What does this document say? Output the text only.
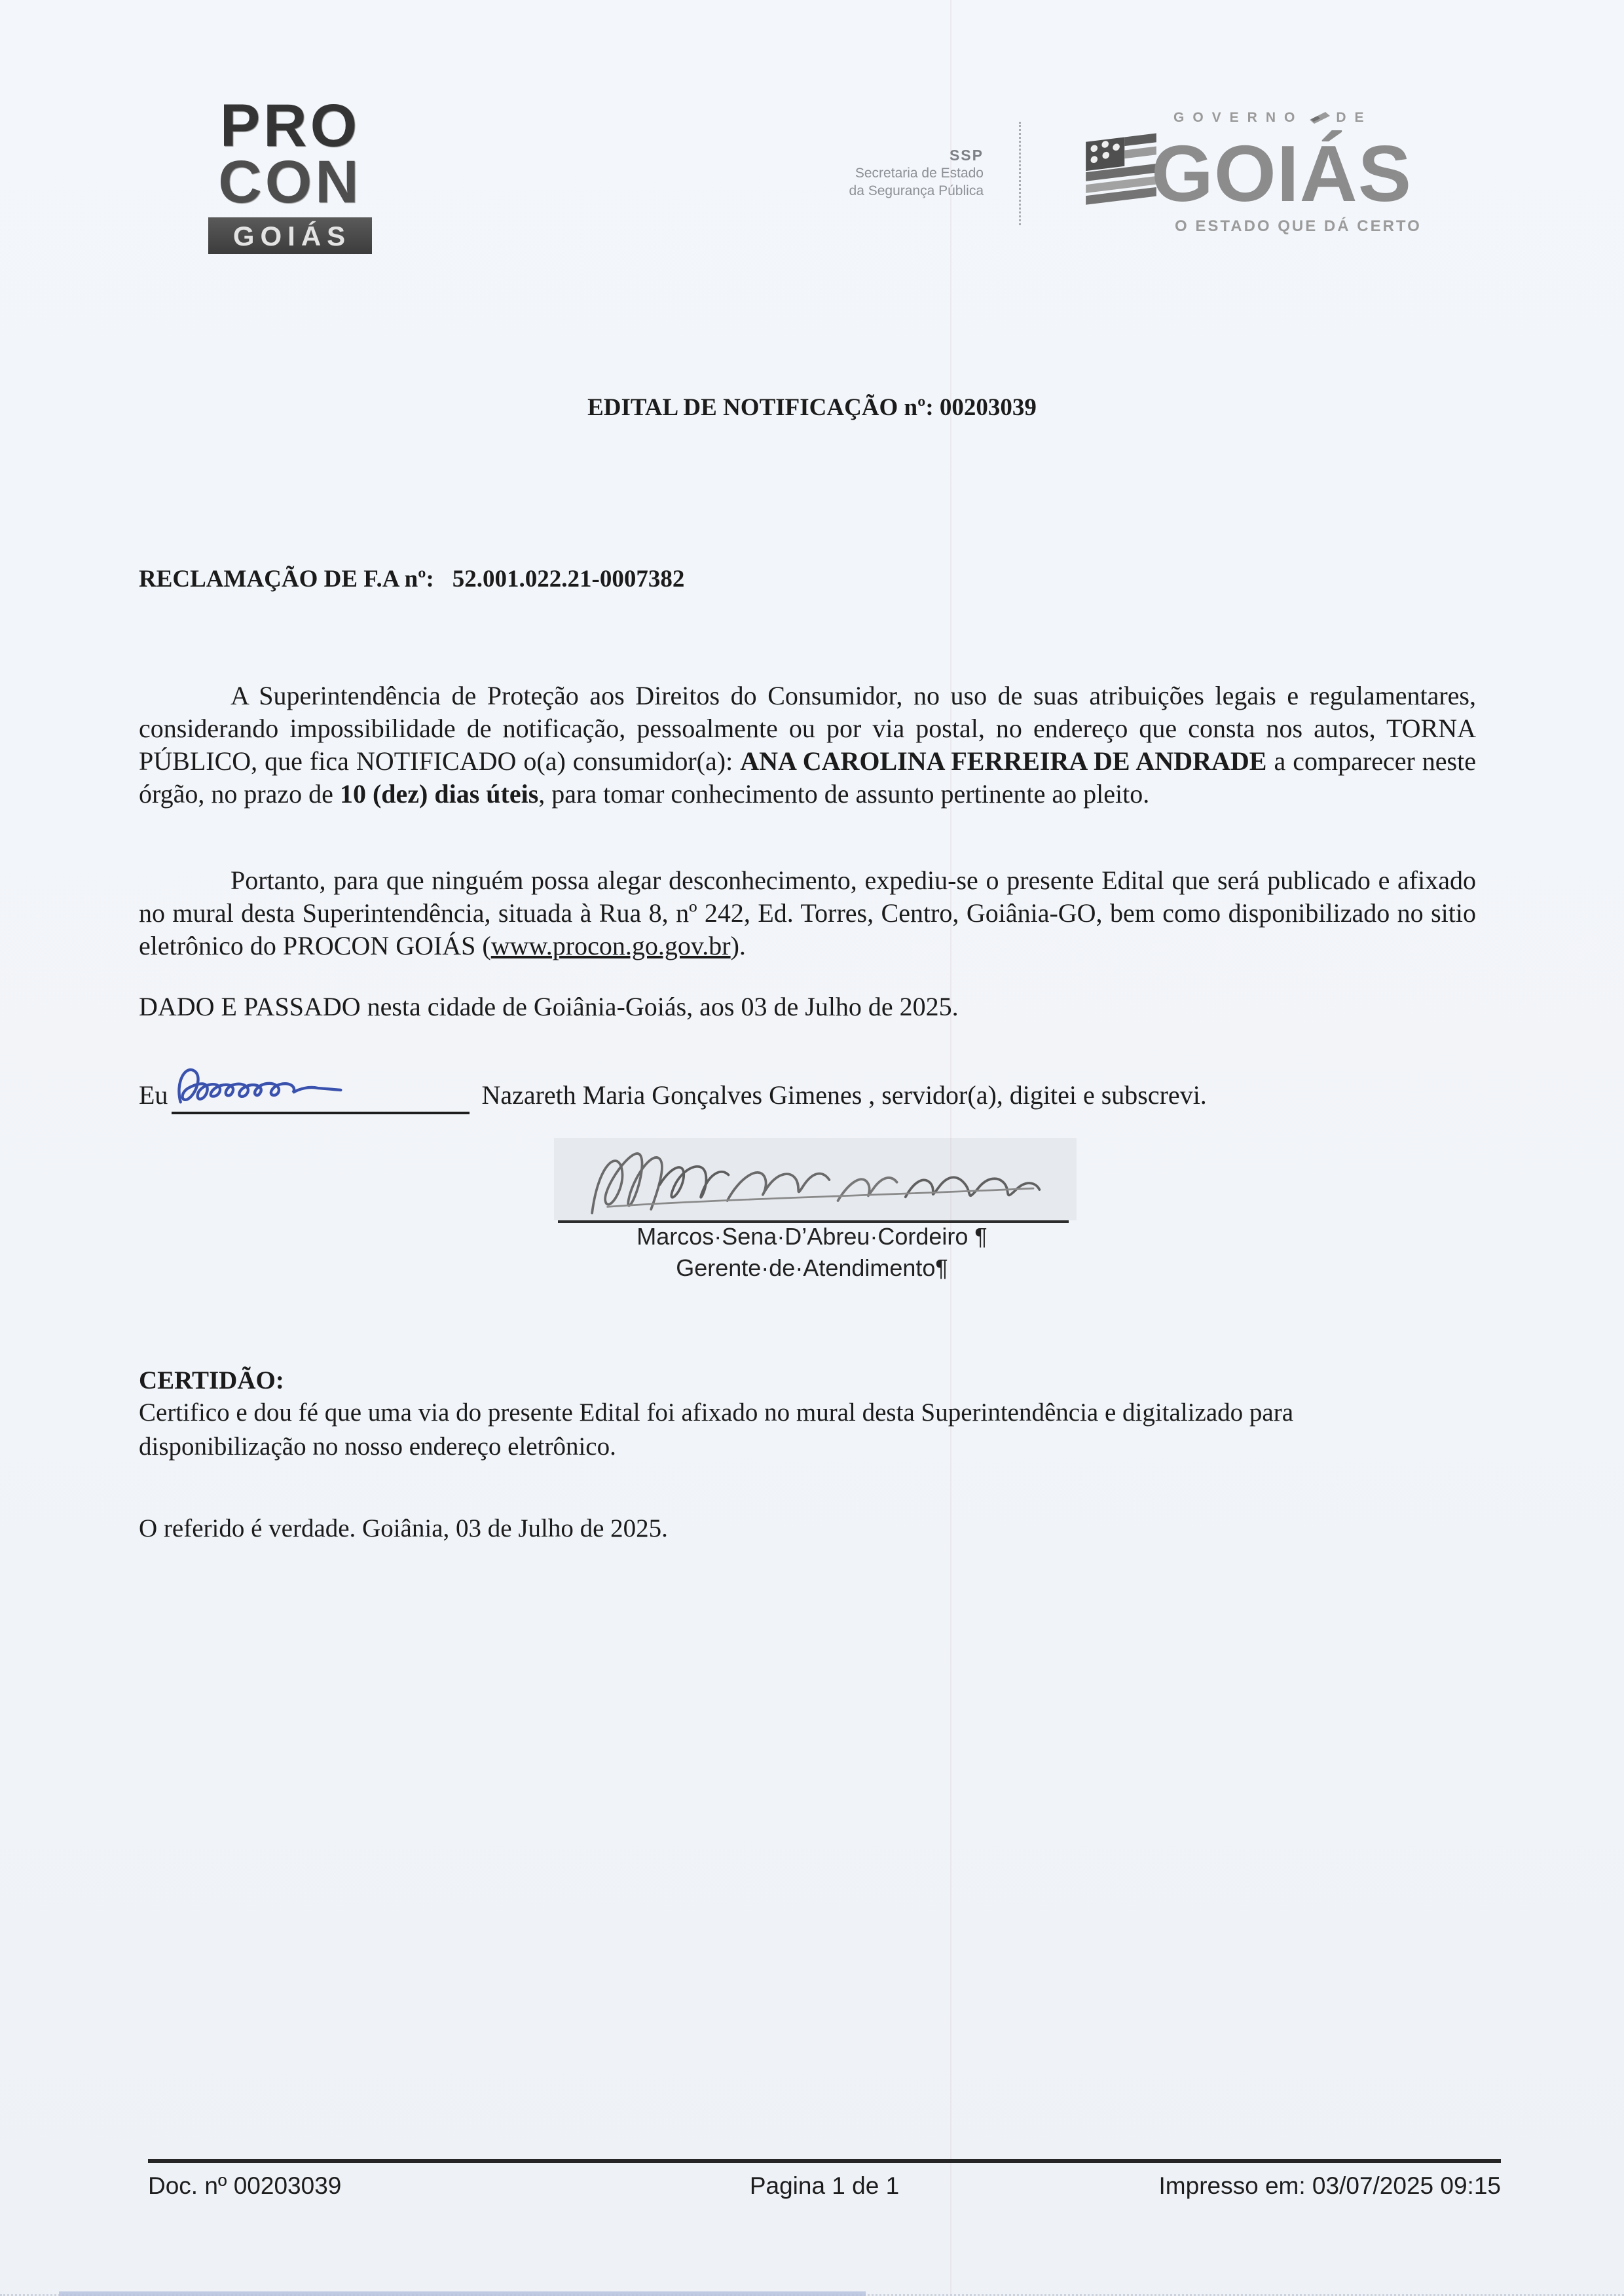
PRO
CON
GOIÁS
SSP
Secretaria de Estado
da Segurança Pública
GOVERNO DE
GOIÁS
O ESTADO QUE DÁ CERTO
EDITAL DE NOTIFICAÇÃO nº: 00203039
RECLAMAÇÃO DE F.A nº: 52.001.022.21-0007382

A Superintendência de Proteção aos Direitos do Consumidor, no uso de suas atribuições legais e regulamentares, considerando impossibilidade de notificação, pessoalmente ou por via postal, no endereço que consta nos autos, TORNA PÚBLICO, que fica NOTIFICADO o(a) consumidor(a): ANA CAROLINA FERREIRA DE ANDRADE a comparecer neste órgão, no prazo de 10 (dez) dias úteis, para tomar conhecimento de assunto pertinente ao pleito.

Portanto, para que ninguém possa alegar desconhecimento, expediu-se o presente Edital que será publicado e afixado no mural desta Superintendência, situada à Rua 8, nº 242, Ed. Torres, Centro, Goiânia-GO, bem como disponibilizado no sitio eletrônico do PROCON GOIÁS (www.procon.go.gov.br).

DADO E PASSADO nesta cidade de Goiânia-Goiás, aos 03 de Julho de 2025.
Eu	Nazareth Maria Gonçalves Gimenes , servidor(a), digitei e subscrevi.
Marcos·Sena·D’Abreu·Cordeiro ¶
Gerente·de·Atendimento¶
CERTIDÃO:
Certifico e dou fé que uma via do presente Edital foi afixado no mural desta Superintendência e digitalizado para disponibilização no nosso endereço eletrônico.
O referido é verdade. Goiânia, 03 de Julho de 2025.
Doc. nº 00203039	Pagina 1 de 1	Impresso em: 03/07/2025 09:15
